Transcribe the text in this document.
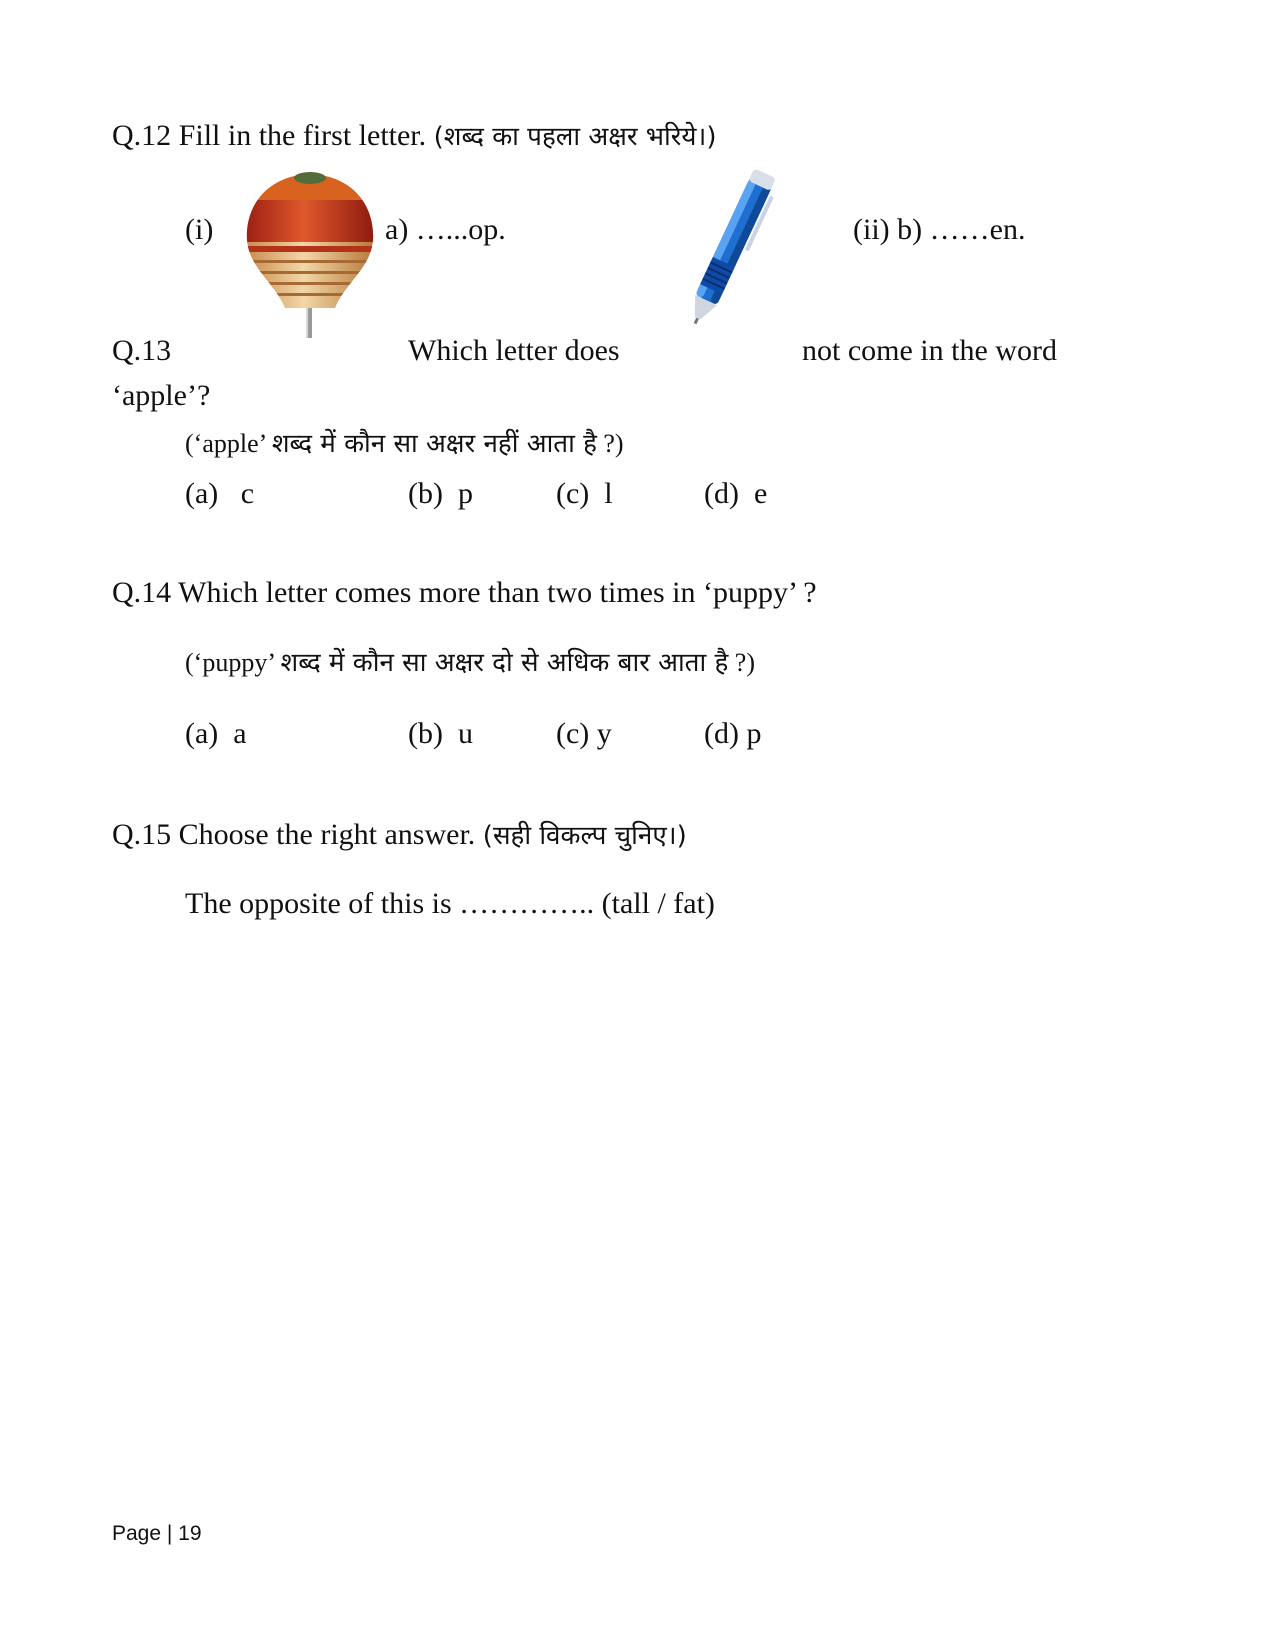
Q.12 Fill in the first letter. (शब्द का पहला अक्षर भरिये।)
(i)	a) …...op.	(ii) b) ……en.
Q.13	Which letter does	not come in the word
‘apple’?
(‘apple’ शब्द में कौन सा अक्षर नहीं आता है ?)
(a)   c	(b)  p	(c)  l	(d)  e
Q.14 Which letter comes more than two times in ‘puppy’ ?
(‘puppy’ शब्द में कौन सा अक्षर दो से अधिक बार आता है ?)
(a)  a	(b)  u	(c) y	(d) p
Q.15 Choose the right answer. (सही विकल्प चुनिए।)
The opposite of this is ………….. (tall / fat)
Page | 19
